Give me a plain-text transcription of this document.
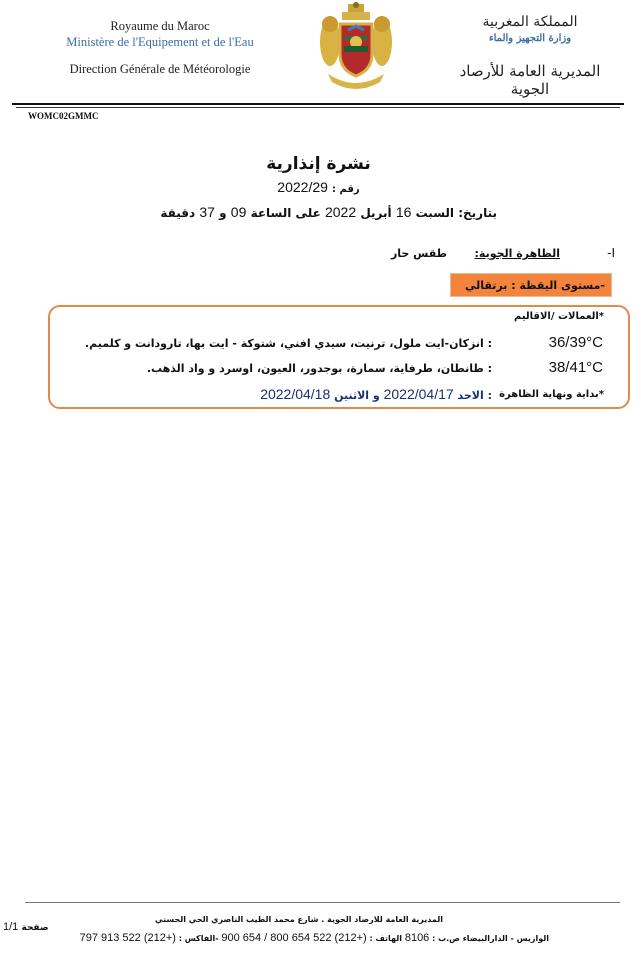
Royaume du Maroc
Ministère de l'Equipement et de l'Eau
Direction Générale de Météorologie
المملكة المغربية
وزارة التجهيز والماء
المديرية العامة للأرصاد الجوية
WOMC02GMMC
نشرة إنذارية
رقم : 2022/29
بتاريخ: السبت 16 أبريل 2022 على الساعة 09 و 37 دقيقة
I-
الظاهرة الجوية:
طقس حار
-مستوى اليقظة : برتقالي
*العمالات /الاقاليم
36/39°C
: انزكان-ايت ملول، ترنيت، سيدي افني، شتوكة - ايت بها، تارودانت و كلميم.
38/41°C
: طانطان، طرفاية، سمارة، بوجدور، العيون، اوسرد و واد الذهب.
*بداية ونهاية الظاهرة
: الاحد 2022/04/17 و الاثنين 2022/04/18
صفحة 1/1
المديرية العامة للارصاد الجوية . شارع محمد الطيب الناصري الحي الحسني
الوازيس - الدارالبيضاء ص.ب : 8106 الهاتف : (+212) 522 654 800 / 654 900 -الفاكس : (+212) 522 913 797
